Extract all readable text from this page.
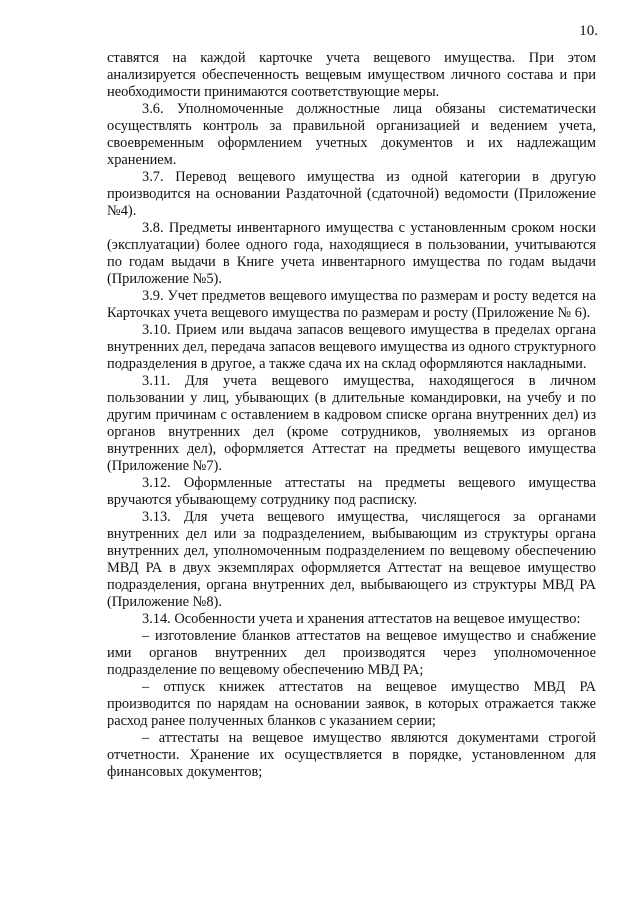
10.

ставятся на каждой карточке учета вещевого имущества. При этом анализируется обеспеченность вещевым имуществом личного состава и при необходимости принимаются соответствующие меры.

3.6. Уполномоченные должностные лица обязаны систематически осуществлять контроль за правильной организацией и ведением учета, своевременным оформлением учетных документов и их надлежащим хранением.

3.7. Перевод вещевого имущества из одной категории в другую производится на основании Раздаточной (сдаточной) ведомости (Приложение №4).

3.8. Предметы инвентарного имущества с установленным сроком носки (эксплуатации) более одного года, находящиеся в пользовании, учитываются по годам выдачи в Книге учета инвентарного имущества по годам выдачи (Приложение №5).

3.9. Учет предметов вещевого имущества по размерам и росту ведется на Карточках учета вещевого имущества по размерам и росту (Приложение № 6).

3.10. Прием или выдача запасов вещевого имущества в пределах органа внутренних дел, передача запасов вещевого имущества из одного структурного подразделения в другое, а также сдача их на склад оформляются накладными.

3.11. Для учета вещевого имущества, находящегося в личном пользовании у лиц, убывающих (в длительные командировки, на учебу и по другим причинам с оставлением в кадровом списке органа внутренних дел) из органов внутренних дел (кроме сотрудников, уволняемых из органов внутренних дел), оформляется Аттестат на предметы вещевого имущества (Приложение №7).

3.12. Оформленные аттестаты на предметы вещевого имущества вручаются убывающему сотруднику под расписку.

3.13. Для учета вещевого имущества, числящегося за органами внутренних дел или за подразделением, выбывающим из структуры органа внутренних дел, уполномоченным подразделением по вещевому обеспечению МВД РА в двух экземплярах оформляется Аттестат на вещевое имущество подразделения, органа внутренних дел, выбывающего из структуры МВД РА (Приложение №8).

3.14. Особенности учета и хранения аттестатов на вещевое имущество:

– изготовление бланков аттестатов на вещевое имущество и снабжение ими органов внутренних дел производятся через уполномоченное подразделение по вещевому обеспечению МВД РА;

– отпуск книжек аттестатов на вещевое имущество МВД РА производится по нарядам на основании заявок, в которых отражается также расход ранее полученных бланков с указанием серии;

– аттестаты на вещевое имущество являются документами строгой отчетности. Хранение их осуществляется в порядке, установленном для финансовых документов;
